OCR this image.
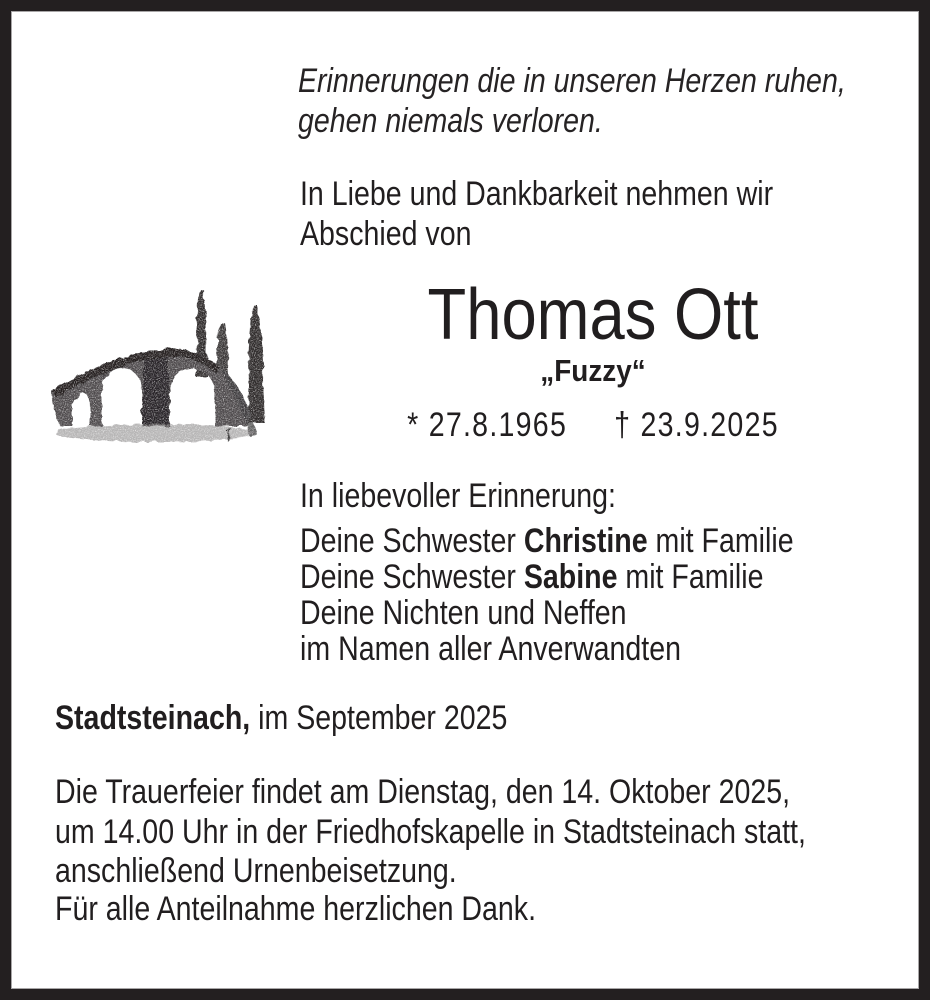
Erinnerungen die in unseren Herzen ruhen,
gehen niemals verloren.
In Liebe und Dankbarkeit nehmen wir
Abschied von
Thomas Ott
„Fuzzy“
* 27.8.1965 † 23.9.2025
In liebevoller Erinnerung:
Deine Schwester Christine mit Familie
Deine Schwester Sabine mit Familie
Deine Nichten und Neffen
im Namen aller Anverwandten
Stadtsteinach, im September 2025
Die Trauerfeier findet am Dienstag, den 14. Oktober 2025,
um 14.00 Uhr in der Friedhofskapelle in Stadtsteinach statt,
anschließend Urnenbeisetzung.
Für alle Anteilnahme herzlichen Dank.
